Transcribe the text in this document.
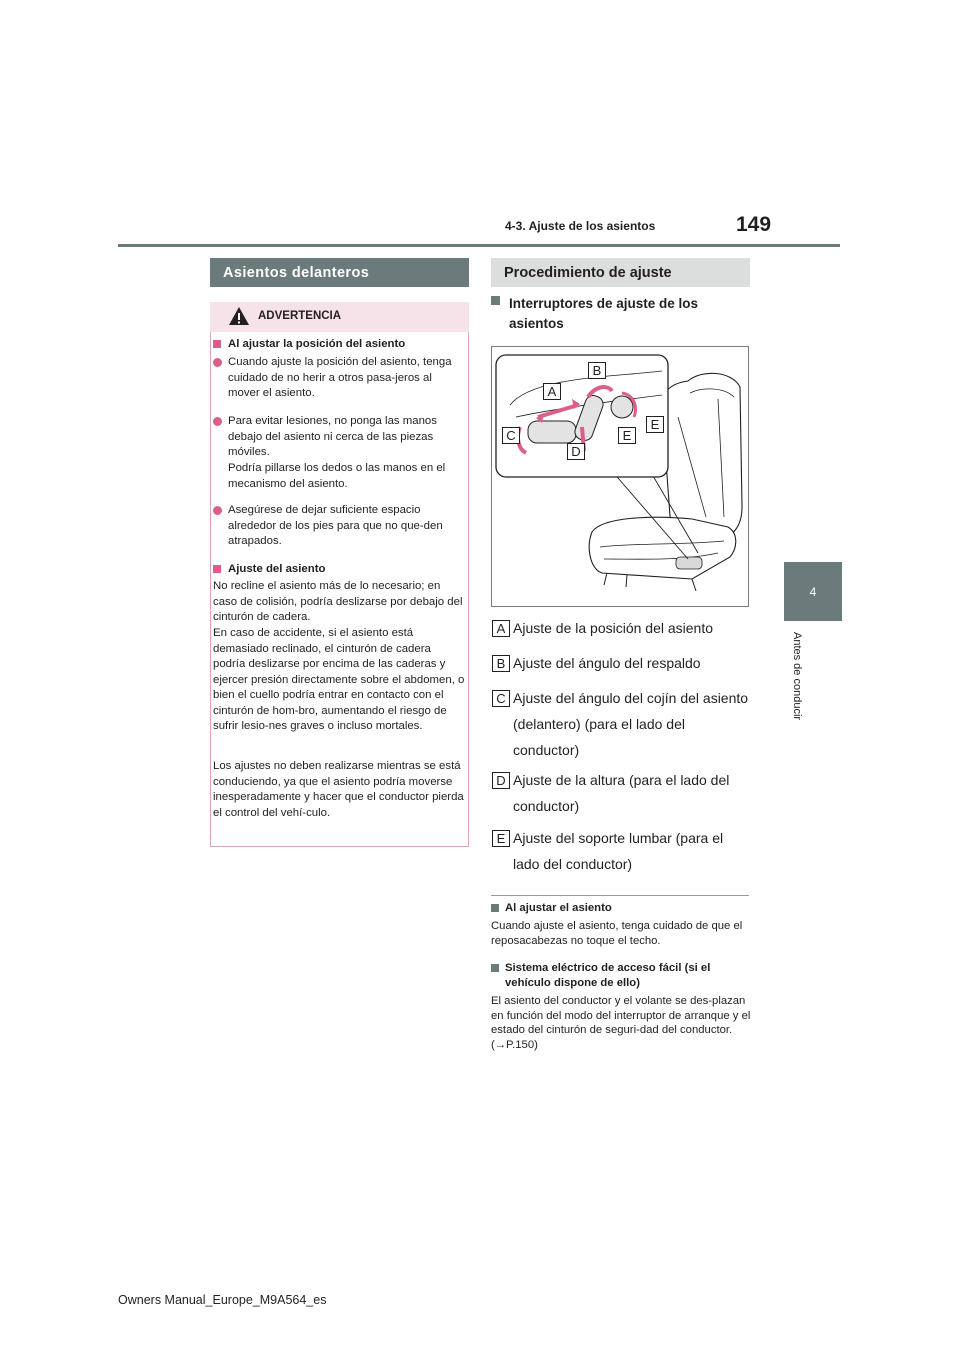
149
4-3. Ajuste de los asientos
4
Antes de conducir
Asientos delanteros
ADVERTENCIA
Al ajustar la posición del asiento
Cuando ajuste la posición del asiento, tenga cuidado de no herir a otros pasa-jeros al mover el asiento.
Para evitar lesiones, no ponga las manos debajo del asiento ni cerca de las piezas móviles.
Podría pillarse los dedos o las manos en el mecanismo del asiento.
Asegúrese de dejar suficiente espacio alrededor de los pies para que no que-den atrapados.
Ajuste del asiento
No recline el asiento más de lo necesario; en caso de colisión, podría deslizarse por debajo del cinturón de cadera.
En caso de accidente, si el asiento está demasiado reclinado, el cinturón de cadera podría deslizarse por encima de las caderas y ejercer presión directamente sobre el abdomen, o bien el cuello podría entrar en contacto con el cinturón de hom-bro, aumentando el riesgo de sufrir lesio-nes graves o incluso mortales.
Los ajustes no deben realizarse mientras se está conduciendo, ya que el asiento podría moverse inesperadamente y hacer que el conductor pierda el control del vehí-culo.
Procedimiento de ajuste
Interruptores de ajuste de los asientos
A
B
C
D
E
E
A Ajuste de la posición del asiento
B Ajuste del ángulo del respaldo
C Ajuste del ángulo del cojín del asiento (delantero) (para el lado del conductor)
D Ajuste de la altura (para el lado del conductor)
E Ajuste del soporte lumbar (para el lado del conductor)
Al ajustar el asiento
Cuando ajuste el asiento, tenga cuidado de que el reposacabezas no toque el techo.
Sistema eléctrico de acceso fácil (si el vehículo dispone de ello)
El asiento del conductor y el volante se des-plazan en función del modo del interruptor de arranque y el estado del cinturón de seguri-dad del conductor. (→P.150)
Owners Manual_Europe_M9A564_es
